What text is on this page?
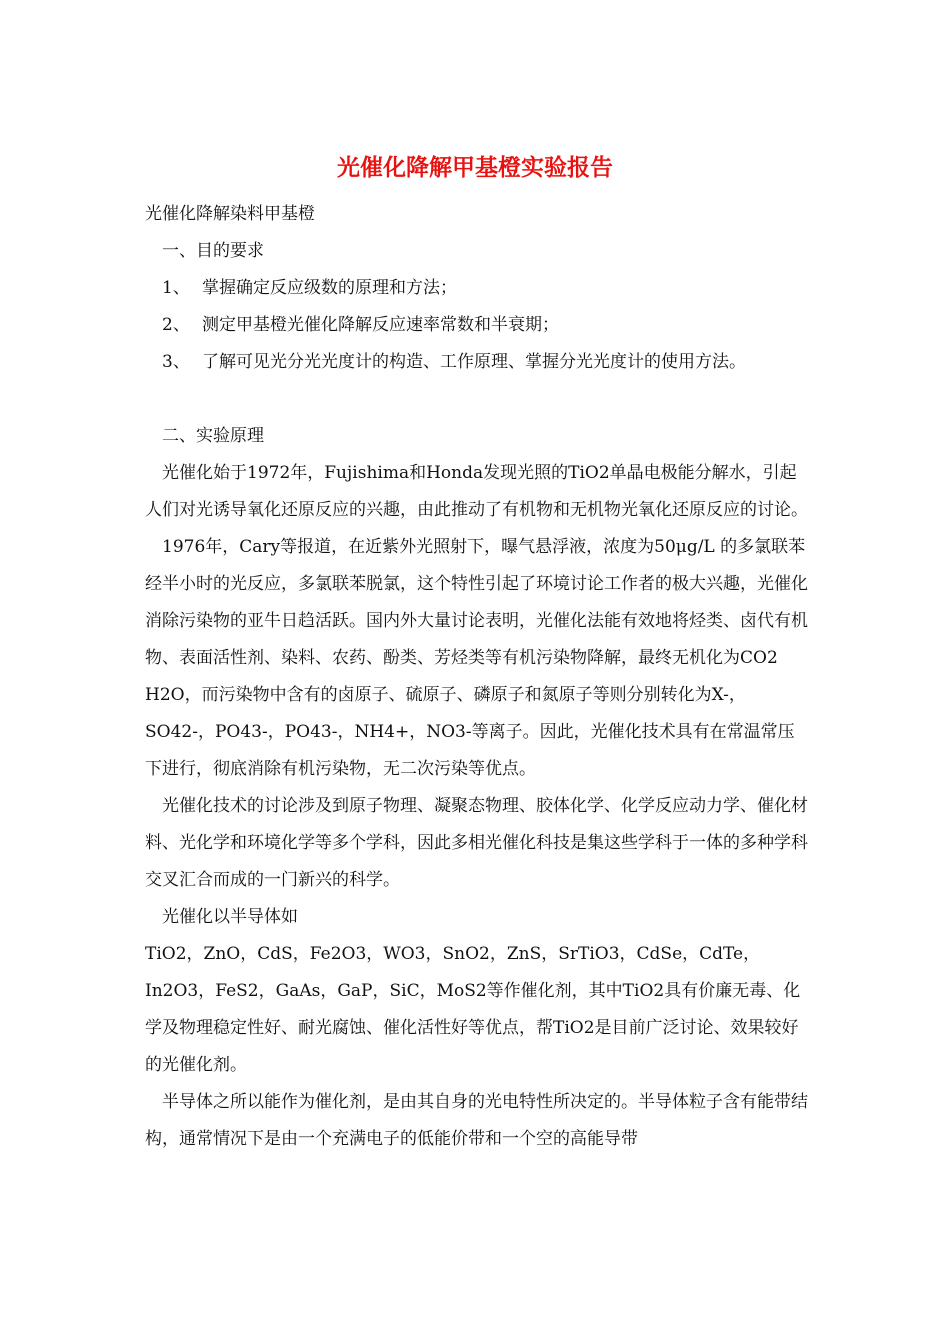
光催化降解甲基橙实验报告

光催化降解染料甲基橙

一、目的要求

1、 掌握确定反应级数的原理和方法；

2、 测定甲基橙光催化降解反应速率常数和半衰期；

3、 了解可见光分光光度计的构造、工作原理、掌握分光光度计的使用方法。

二、实验原理

光催化始于1972年，Fujishima和Honda发现光照的TiO2单晶电极能分解水，引起人们对光诱导氧化还原反应的兴趣，由此推动了有机物和无机物光氧化还原反应的讨论。

1976年，Cary等报道，在近紫外光照射下，曝气悬浮液，浓度为50μg/L 的多氯联苯经半小时的光反应，多氯联苯脱氯，这个特性引起了环境讨论工作者的极大兴趣，光催化消除污染物的亚牛日趋活跃。国内外大量讨论表明，光催化法能有效地将烃类、卤代有机物、表面活性剂、染料、农药、酚类、芳烃类等有机污染物降解，最终无机化为CO2 H2O，而污染物中含有的卤原子、硫原子、磷原子和氮原子等则分别转化为X-，SO42-，PO43-，PO43-，NH4+，NO3-等离子。因此，光催化技术具有在常温常压下进行，彻底消除有机污染物，无二次污染等优点。

光催化技术的讨论涉及到原子物理、凝聚态物理、胶体化学、化学反应动力学、催化材料、光化学和环境化学等多个学科，因此多相光催化科技是集这些学科于一体的多种学科交叉汇合而成的一门新兴的科学。

光催化以半导体如

TiO2，ZnO，CdS，Fe2O3，WO3，SnO2，ZnS，SrTiO3，CdSe，CdTe，In2O3，FeS2，GaAs，GaP，SiC，MoS2等作催化剂，其中TiO2具有价廉无毒、化学及物理稳定性好、耐光腐蚀、催化活性好等优点，帮TiO2是目前广泛讨论、效果较好的光催化剂。

半导体之所以能作为催化剂，是由其自身的光电特性所决定的。半导体粒子含有能带结构，通常情况下是由一个充满电子的低能价带和一个空的高能导带
